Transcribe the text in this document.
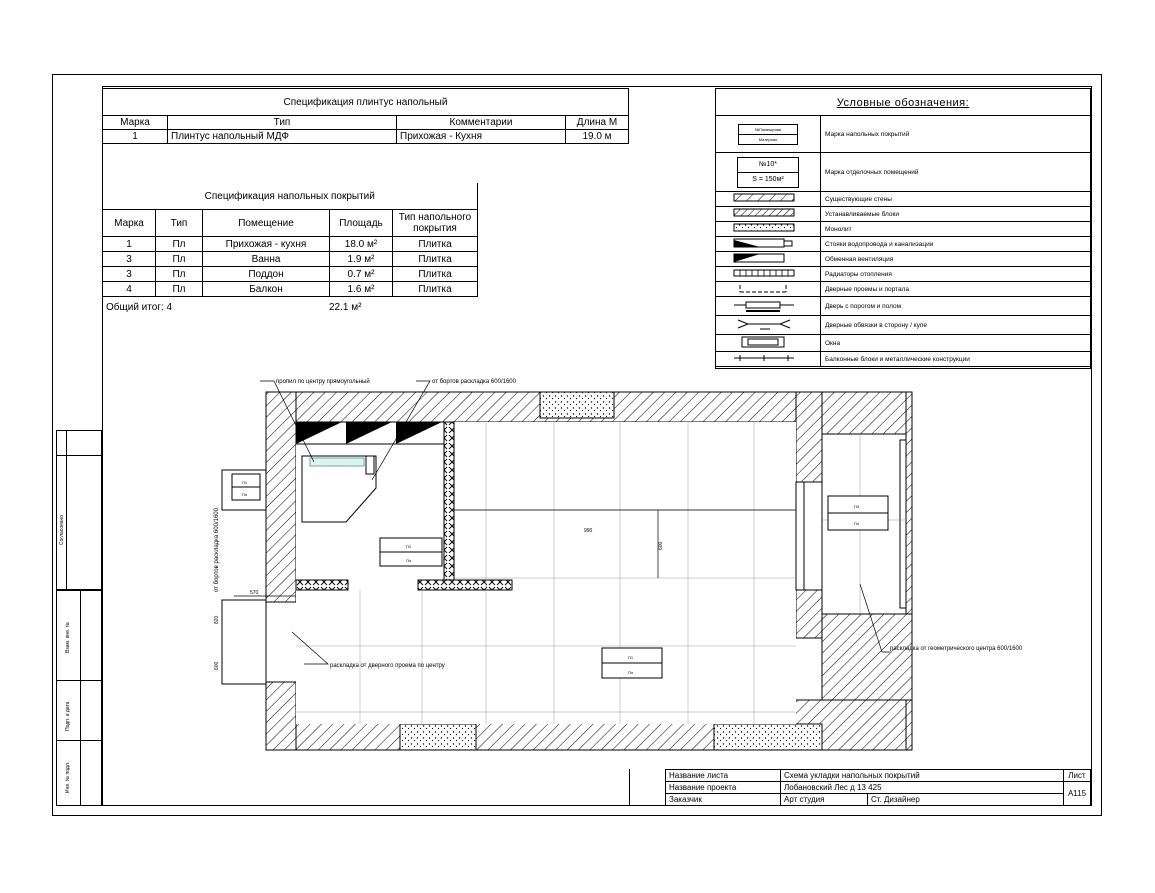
Согласовано
Взам. инв. №
Подп. и дата
Инв. № подл.
Спецификация плинтус напольный			
Марка	Тип	Комментарии	Длина М
1	Плинтус напольный МДФ	Прихожая - Кухня	19.0 м
Спецификация напольных покрытий				
Марка	Тип	Помещение	Площадь	Тип напольного покрытия
1	Пл	Прихожая - кухня	18.0 м²	Плитка
3	Пл	Ванна	1.9 м²	Плитка
3	Пл	Поддон	0.7 м²	Плитка
4	Пл	Балкон	1.6 м²	Плитка
Общий итог: 4	22.1 м²
Условные обозначения:
№Помещения
Материал	Марка напольных покрытий

№10*
S = 150м²	Марка отделочных помещений
	Существующие стены
	Устанавливаемые блоки
	Монолит
	Стояки водопровода и канализации
	Обменная вентиляция
	Радиаторы отопления
	Дверные проемы и портала
	Дверь с порогом и полом
	Дверные обвязки в сторону / купе
	Окна
	Балконные блоки и металлические конструкции
990
600
570
820
600
П1
Пл
П1
Пл
П1
Пл
П4
Пл
пропил по центру прямоугольный	от бортов раскладка 600/1600
от бортов раскладка 600/1600
раскладка от дверного проема по центру
раскладка от геометрического центра 600/1600
Название листа	Схема укладки напольных покрытий		Лист
Название проекта	Лобановский Лес д 13 425		A115
Заказчик	Арт студия	Ст. Дизайнер	
